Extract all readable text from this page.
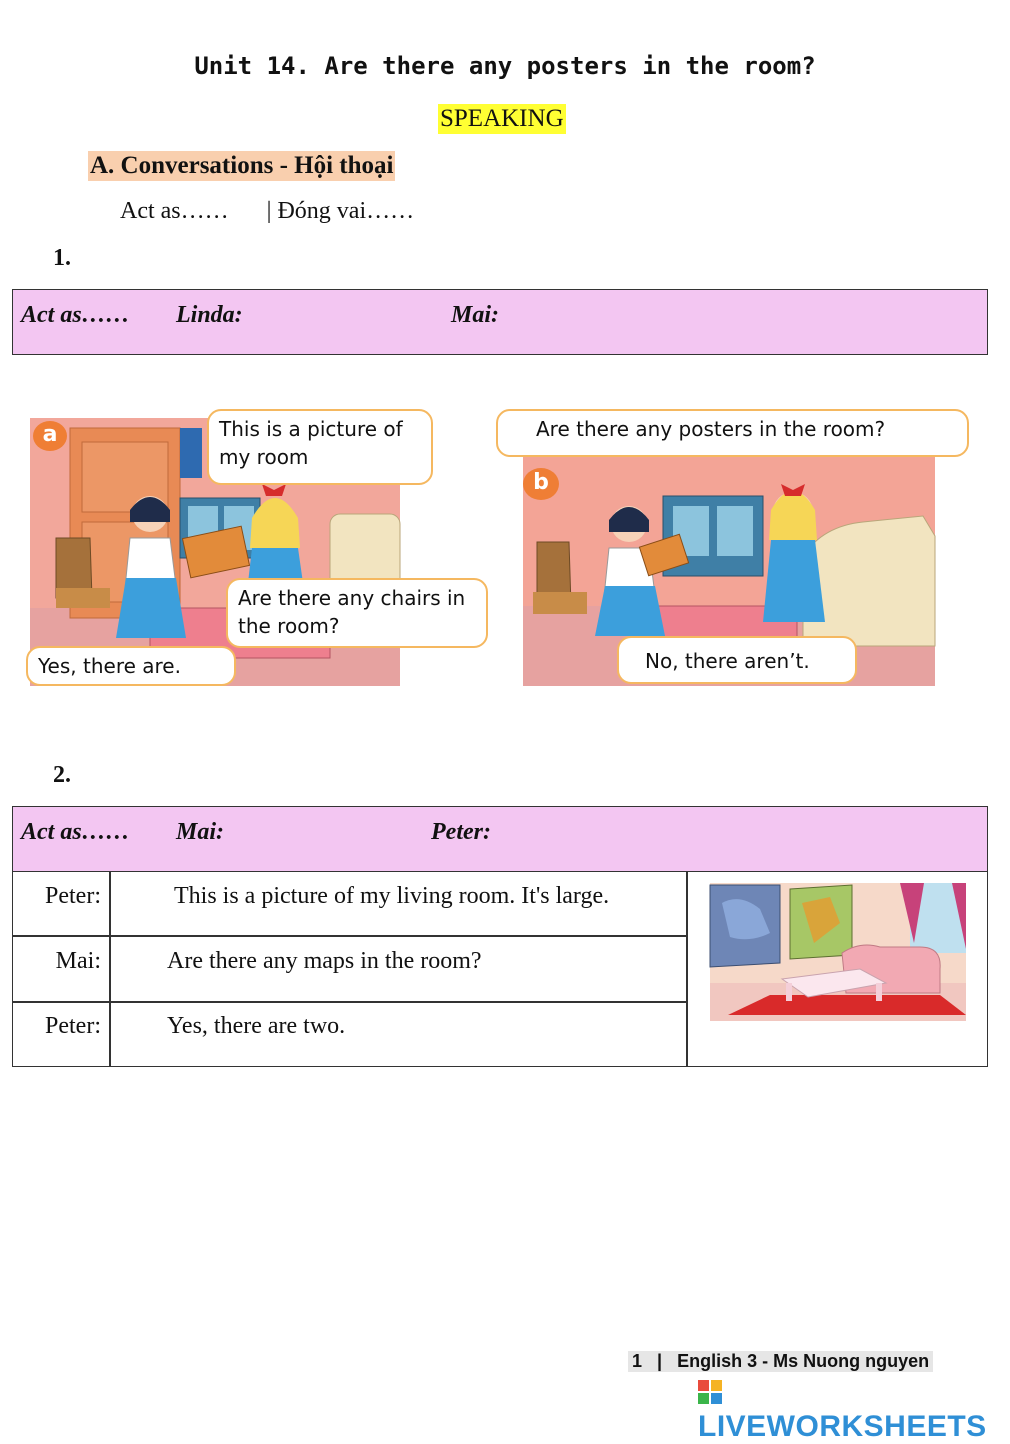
Unit 14. Are there any posters in the room?
SPEAKING
A. Conversations - Hội thoại
Act as…… | Đóng vai……
1.
Act as…… Linda:	Mai:
Yes, there are.
a	This is a picture of my room
Are there any chairs in the room?
b
Are there any posters in the room?
No, there aren’t.
2.
Act as…… Mai:	Peter:
Peter:	This is a picture of my living room. It's large.
Mai:	Are there any maps in the room?
Peter:	Yes, there are two.
1 | English 3 - Ms Nuong nguyen
LIVEWORKSHEETS
